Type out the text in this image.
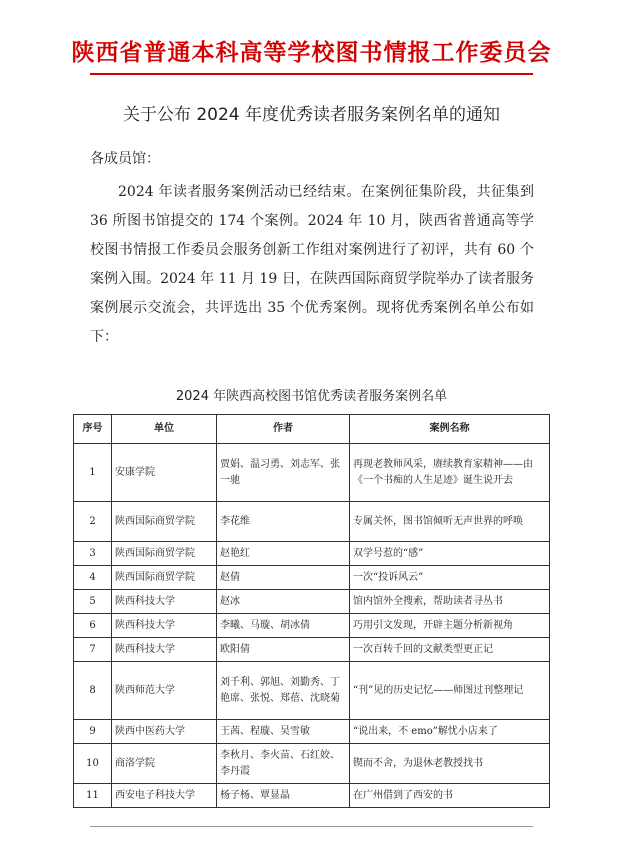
陕西省普通本科高等学校图书情报工作委员会
关于公布 2024 年度优秀读者服务案例名单的通知
各成员馆：

2024 年读者服务案例活动已经结束。在案例征集阶段，共征集到 36 所图书馆提交的 174 个案例。2024 年 10 月，陕西省普通高等学校图书情报工作委员会服务创新工作组对案例进行了初评，共有 60 个案例入围。2024 年 11 月 19 日，在陕西国际商贸学院举办了读者服务案例展示交流会，共评选出 35 个优秀案例。现将优秀案例名单公布如下：

2024 年陕西高校图书馆优秀读者服务案例名单
序号	单位	作者	案例名称
1	安康学院	贾娟、温习勇、刘志军、张一驰	再现老教师风采，赓续教育家精神——由《一个书痴的人生足迹》诞生说开去
2	陕西国际商贸学院	李花维	专属关怀，图书馆倾听无声世界的呼唤
3	陕西国际商贸学院	赵艳红	双学号惹的“感”
4	陕西国际商贸学院	赵倩	一次“投诉风云”
5	陕西科技大学	赵冰	馆内馆外全搜索，帮助读者寻丛书
6	陕西科技大学	李曦、马璇、胡冰倩	巧用引文发现，开辟主题分析新视角
7	陕西科技大学	欧阳倩	一次百转千回的文献类型更正记
8	陕西师范大学	刘千利、郭旭、刘勤秀、丁艳席、张悦、郑蓓、沈晓菊	“刊”见的历史记忆——师图过刊整理记
9	陕西中医药大学	王茜、程璇、吴雪敏	“说出来，不 emo”解忧小店来了
10	商洛学院	李秋月、李火苗、石红姣、李丹霞	锲而不舍，为退休老教授找书
11	西安电子科技大学	杨子杨、覃显晶	在广州借到了西安的书
